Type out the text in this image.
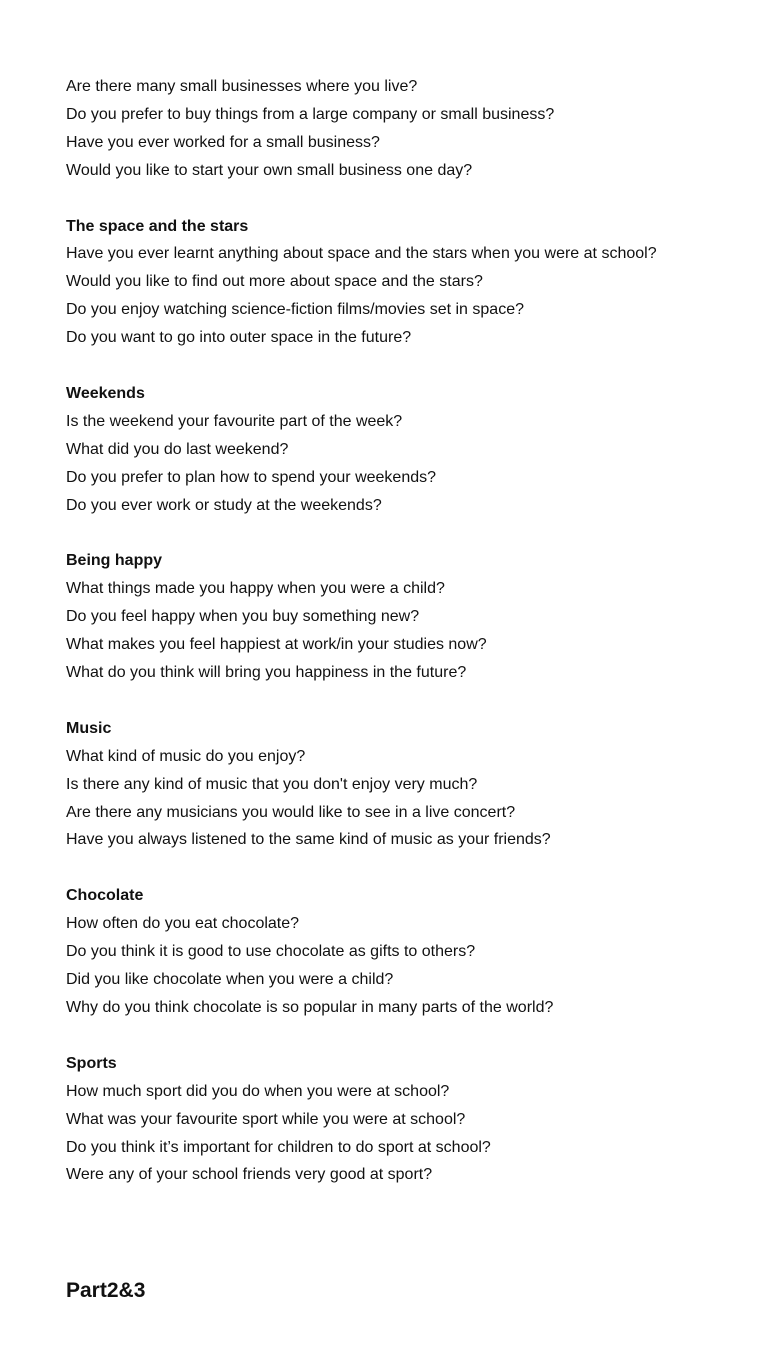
Are there many small businesses where you live?

Do you prefer to buy things from a large company or small business?

Have you ever worked for a small business?

Would you like to start your own small business one day?

The space and the stars

Have you ever learnt anything about space and the stars when you were at school?

Would you like to find out more about space and the stars?

Do you enjoy watching science-fiction films/movies set in space?

Do you want to go into outer space in the future?

Weekends

Is the weekend your favourite part of the week?

What did you do last weekend?

Do you prefer to plan how to spend your weekends?

Do you ever work or study at the weekends?

Being happy

What things made you happy when you were a child?

Do you feel happy when you buy something new?

What makes you feel happiest at work/in your studies now?

What do you think will bring you happiness in the future?

Music

What kind of music do you enjoy?

Is there any kind of music that you don't enjoy very much?

Are there any musicians you would like to see in a live concert?

Have you always listened to the same kind of music as your friends?

Chocolate

How often do you eat chocolate?

Do you think it is good to use chocolate as gifts to others?

Did you like chocolate when you were a child?

Why do you think chocolate is so popular in many parts of the world?

Sports

How much sport did you do when you were at school?

What was your favourite sport while you were at school?

Do you think it’s important for children to do sport at school?

Were any of your school friends very good at sport?

Part2&3
